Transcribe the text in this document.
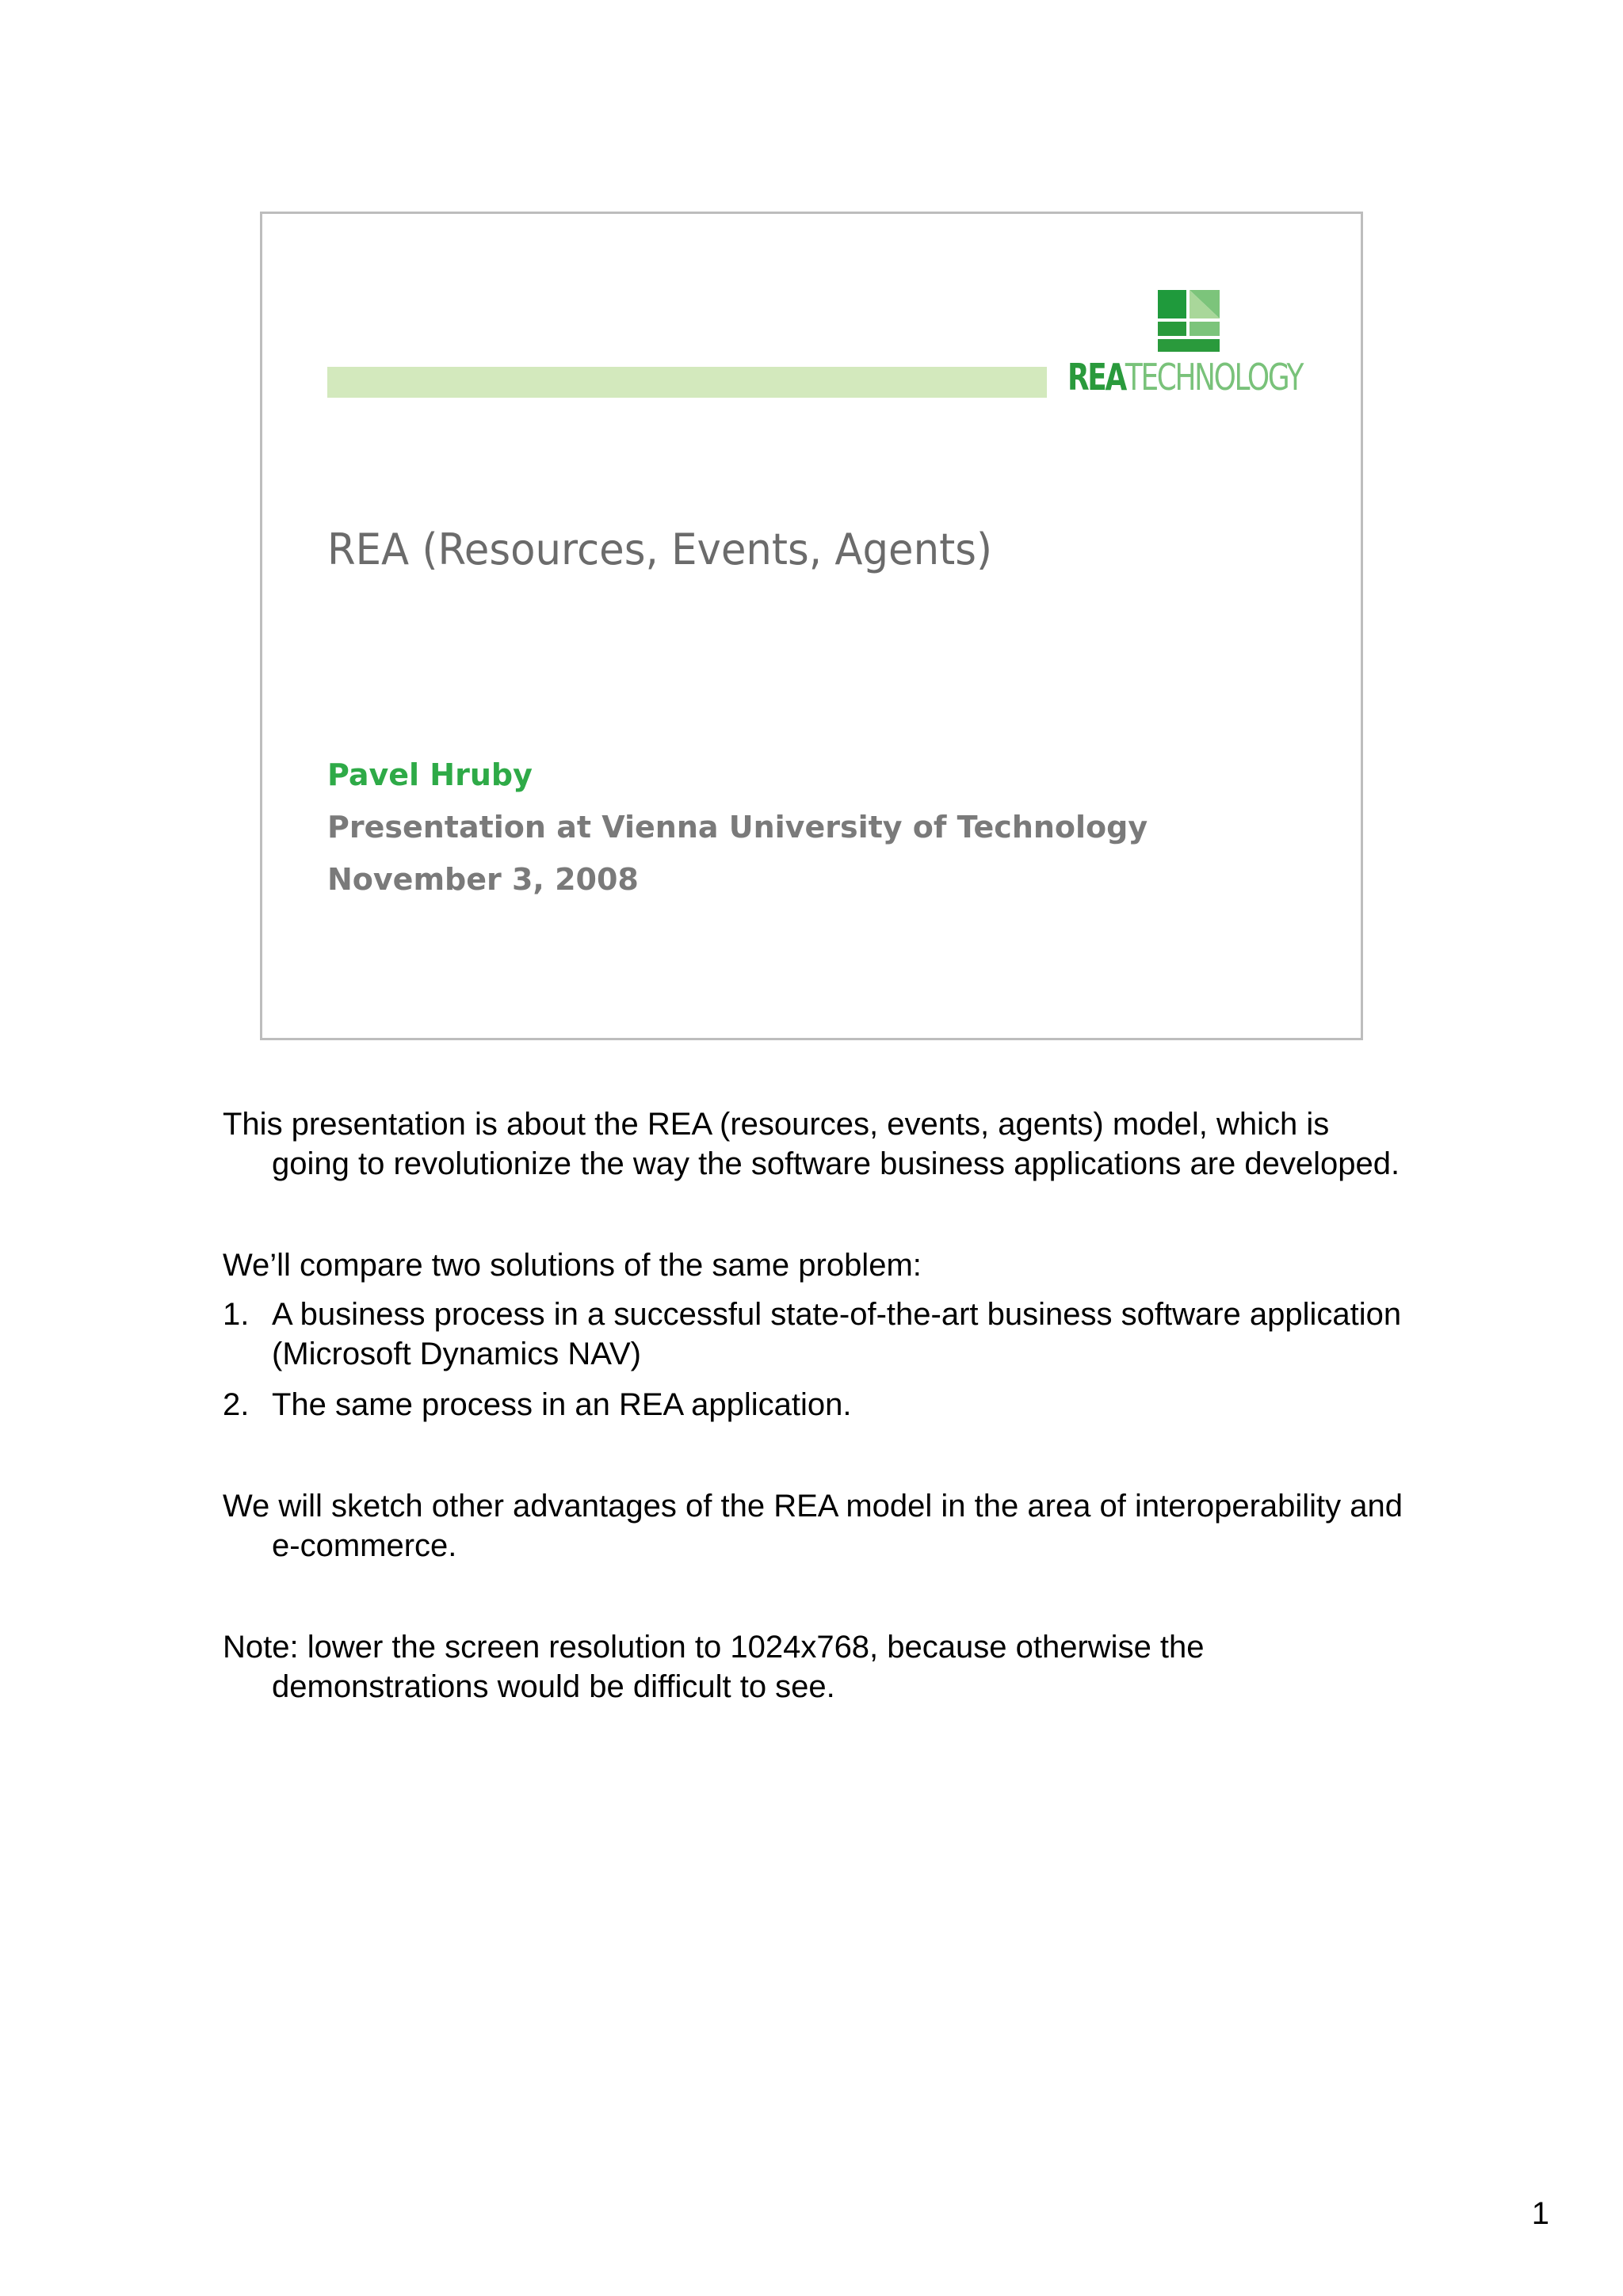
REATECHNOLOGY
REA (Resources, Events, Agents)
Pavel Hruby
Presentation at Vienna University of Technology
November 3, 2008

This presentation is about the REA (resources, events, agents) model, which is going to revolutionize the way the software business applications are developed.

We’ll compare two solutions of the same problem:

1. A business process in a successful state-of-the-art business software application (Microsoft Dynamics NAV)
2. The same process in an REA application.

We will sketch other advantages of the REA model in the area of interoperability and e-commerce.

Note: lower the screen resolution to 1024x768, because otherwise the demonstrations would be difficult to see.

1
